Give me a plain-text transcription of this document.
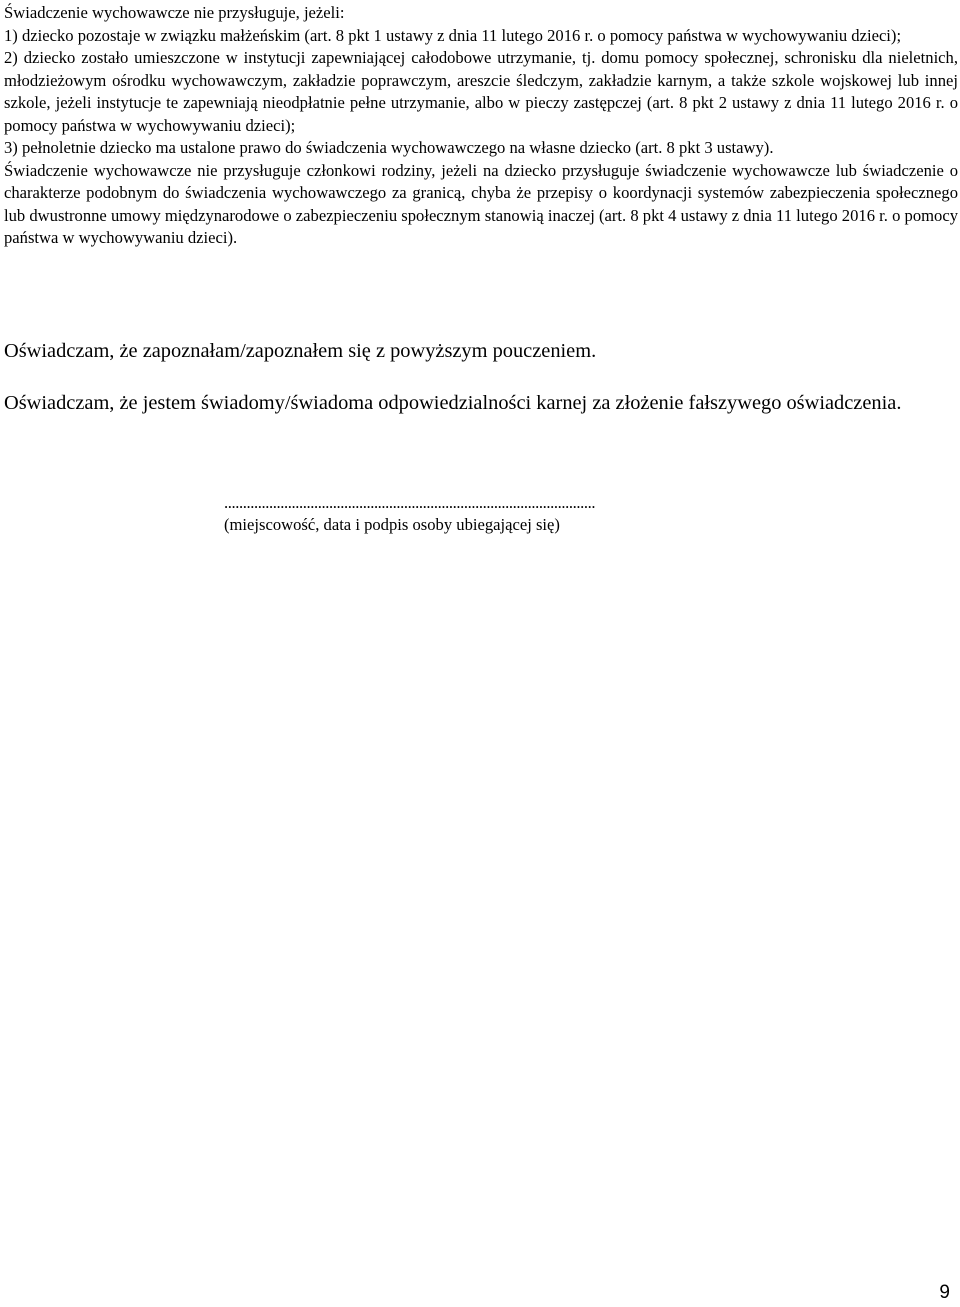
Świadczenie wychowawcze nie przysługuje, jeżeli:

1) dziecko pozostaje w związku małżeńskim (art. 8 pkt 1 ustawy z dnia 11 lutego 2016 r. o pomocy państwa w wychowywaniu dzieci);

2) dziecko zostało umieszczone w instytucji zapewniającej całodobowe utrzymanie, tj. domu pomocy społecznej, schronisku dla nieletnich, młodzieżowym ośrodku wychowawczym, zakładzie poprawczym, areszcie śledczym, zakładzie karnym, a także szkole wojskowej lub innej szkole, jeżeli instytucje te zapewniają nieodpłatnie pełne utrzymanie, albo w pieczy zastępczej (art. 8 pkt 2 ustawy z dnia 11 lutego 2016 r. o pomocy państwa w wychowywaniu dzieci);

3) pełnoletnie dziecko ma ustalone prawo do świadczenia wychowawczego na własne dziecko (art. 8 pkt 3 ustawy).

Świadczenie wychowawcze nie przysługuje członkowi rodziny, jeżeli na dziecko przysługuje świadczenie wychowawcze lub świadczenie o charakterze podobnym do świadczenia wychowawczego za granicą, chyba że przepisy o koordynacji systemów zabezpieczenia społecznego lub dwustronne umowy międzynarodowe o zabezpieczeniu społecznym stanowią inaczej (art. 8 pkt 4 ustawy z dnia 11 lutego 2016 r. o pomocy państwa w wychowywaniu dzieci).

Oświadczam, że zapoznałam/zapoznałem się z powyższym pouczeniem.

Oświadczam, że jestem świadomy/świadoma odpowiedzialności karnej za złożenie fałszywego oświadczenia.

...................................................................................................
(miejscowość, data i podpis osoby ubiegającej się)
9
